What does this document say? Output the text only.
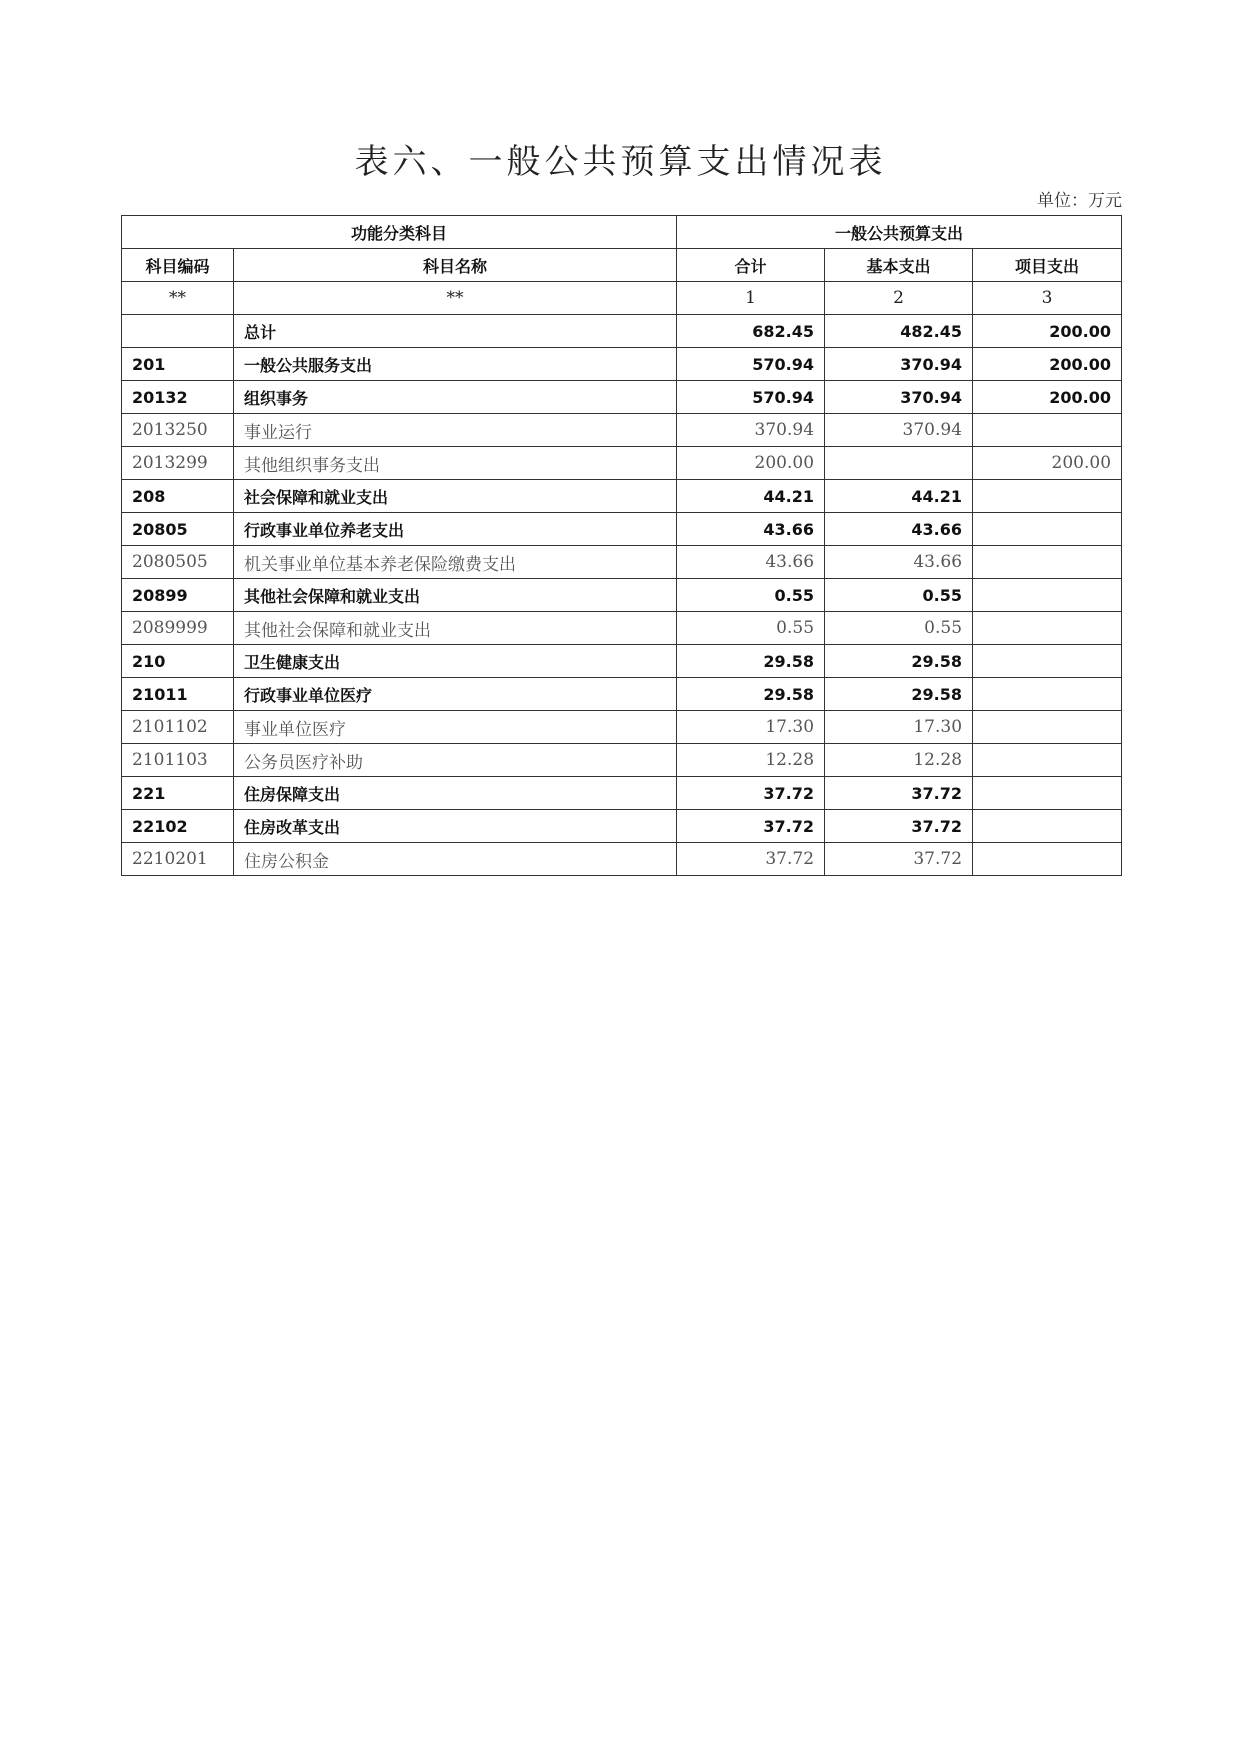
表六、一般公共预算支出情况表
单位：万元
功能分类科目		一般公共预算支出		
科目编码	科目名称	合计	基本支出	项目支出
**	**	1	2	3
	总计	682.45	482.45	200.00
201	一般公共服务支出	570.94	370.94	200.00
20132	组织事务	570.94	370.94	200.00
2013250	事业运行	370.94	370.94	
2013299	其他组织事务支出	200.00		200.00
208	社会保障和就业支出	44.21	44.21	
20805	行政事业单位养老支出	43.66	43.66	
2080505	机关事业单位基本养老保险缴费支出	43.66	43.66	
20899	其他社会保障和就业支出	0.55	0.55	
2089999	其他社会保障和就业支出	0.55	0.55	
210	卫生健康支出	29.58	29.58	
21011	行政事业单位医疗	29.58	29.58	
2101102	事业单位医疗	17.30	17.30	
2101103	公务员医疗补助	12.28	12.28	
221	住房保障支出	37.72	37.72	
22102	住房改革支出	37.72	37.72	
2210201	住房公积金	37.72	37.72	
